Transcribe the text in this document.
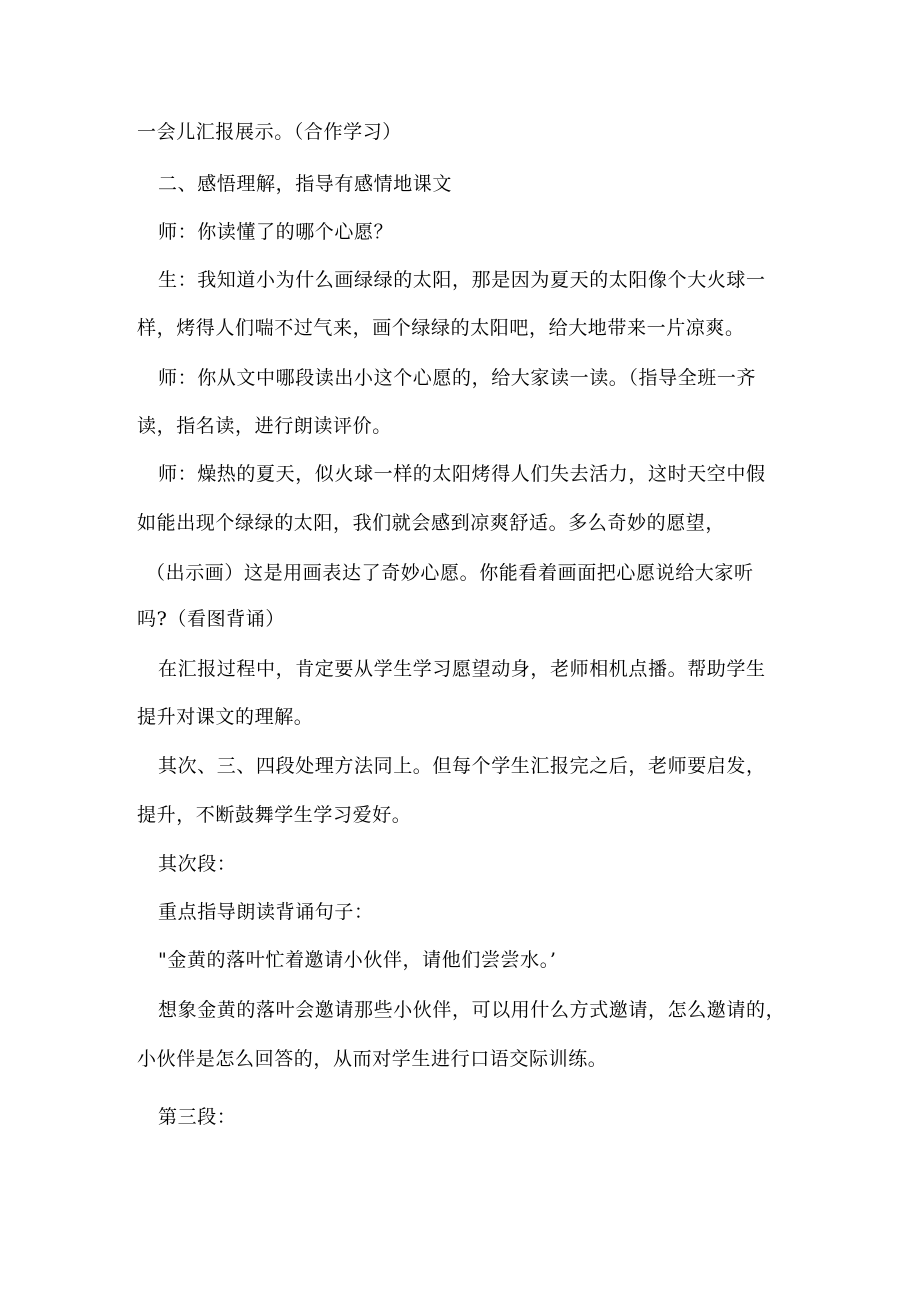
一会儿汇报展示。（合作学习）
二、感悟理解，指导有感情地课文
师：你读懂了的哪个心愿？
生：我知道小为什么画绿绿的太阳，那是因为夏天的太阳像个大火球一
样，烤得人们喘不过气来，画个绿绿的太阳吧，给大地带来一片凉爽。
师：你从文中哪段读出小这个心愿的，给大家读一读。（指导全班一齐
读，指名读，进行朗读评价。
师：燥热的夏天，似火球一样的太阳烤得人们失去活力，这时天空中假
如能出现个绿绿的太阳，我们就会感到凉爽舒适。多么奇妙的愿望，
（出示画）这是用画表达了奇妙心愿。你能看着画面把心愿说给大家听
吗?（看图背诵）
在汇报过程中，肯定要从学生学习愿望动身，老师相机点播。帮助学生
提升对课文的理解。
其次、三、四段处理方法同上。但每个学生汇报完之后，老师要启发，
提升，不断鼓舞学生学习爱好。
其次段：
重点指导朗读背诵句子：
"金黄的落叶忙着邀请小伙伴，请他们尝尝水。’
想象金黄的落叶会邀请那些小伙伴，可以用什么方式邀请，怎么邀请的，
小伙伴是怎么回答的，从而对学生进行口语交际训练。
第三段：
